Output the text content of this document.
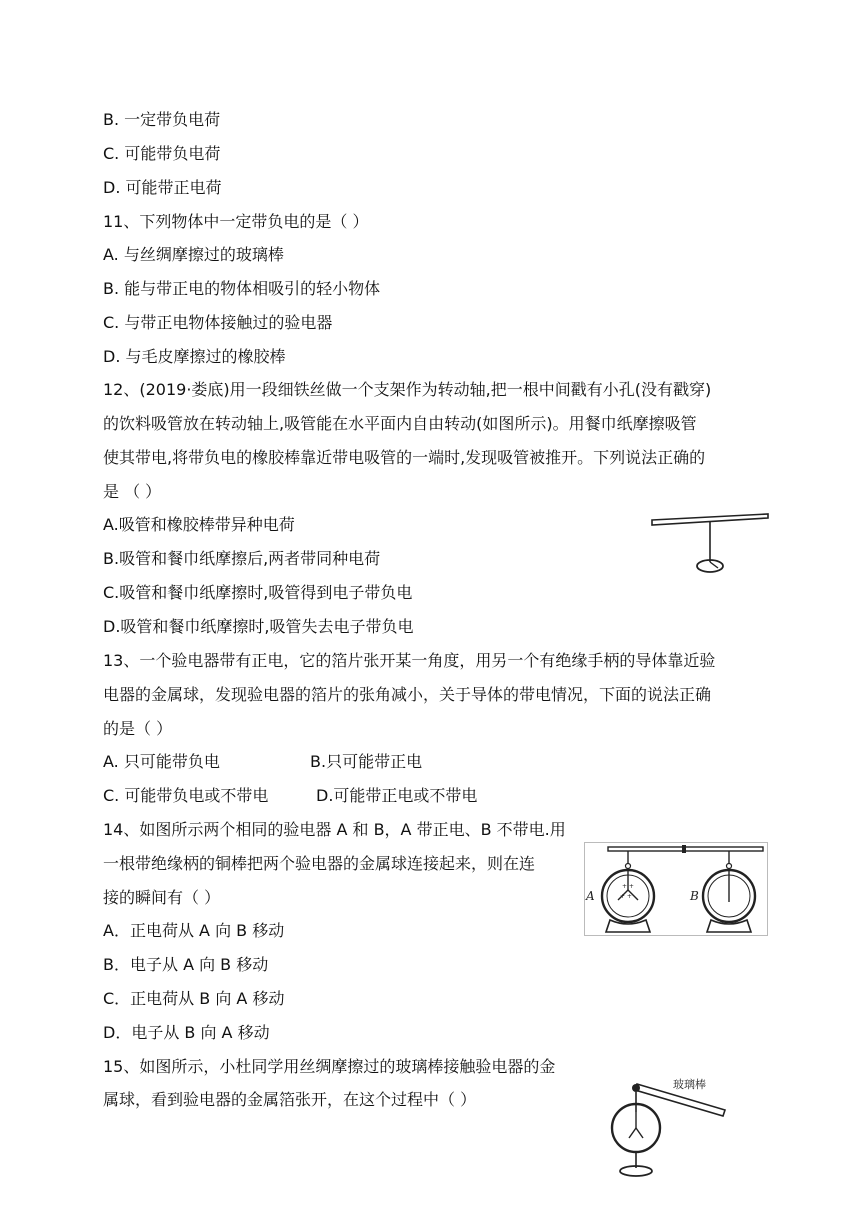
B. 一定带负电荷
C. 可能带负电荷
D. 可能带正电荷
11、下列物体中一定带负电的是（ ）
A. 与丝绸摩擦过的玻璃棒
B. 能与带正电的物体相吸引的轻小物体
C. 与带正电物体接触过的验电器
D. 与毛皮摩擦过的橡胶棒
12、(2019·娄底)用一段细铁丝做一个支架作为转动轴,把一根中间戳有小孔(没有戳穿)
的饮料吸管放在转动轴上,吸管能在水平面内自由转动(如图所示)。用餐巾纸摩擦吸管
使其带电,将带负电的橡胶棒靠近带电吸管的一端时,发现吸管被推开。下列说法正确的
是 （ ）
A.吸管和橡胶棒带异种电荷
B.吸管和餐巾纸摩擦后,两者带同种电荷
C.吸管和餐巾纸摩擦时,吸管得到电子带负电
D.吸管和餐巾纸摩擦时,吸管失去电子带负电
13、一个验电器带有正电，它的箔片张开某一角度，用另一个有绝缘手柄的导体靠近验
电器的金属球，发现验电器的箔片的张角减小，关于导体的带电情况，下面的说法正确
的是（ ）
A. 只可能带负电	B.只可能带正电
C. 可能带负电或不带电	D.可能带正电或不带电
14、如图所示两个相同的验电器 A 和 B，A 带正电、B 不带电.用
一根带绝缘柄的铜棒把两个验电器的金属球连接起来，则在连
接的瞬间有（ ）
A．正电荷从 A 向 B 移动
B．电子从 A 向 B 移动
C．正电荷从 B 向 A 移动
D．电子从 B 向 A 移动
+ +
+ +
A	B
15、如图所示，小杜同学用丝绸摩擦过的玻璃棒接触验电器的金
属球，看到验电器的金属箔张开，在这个过程中（ ）
玻璃棒
